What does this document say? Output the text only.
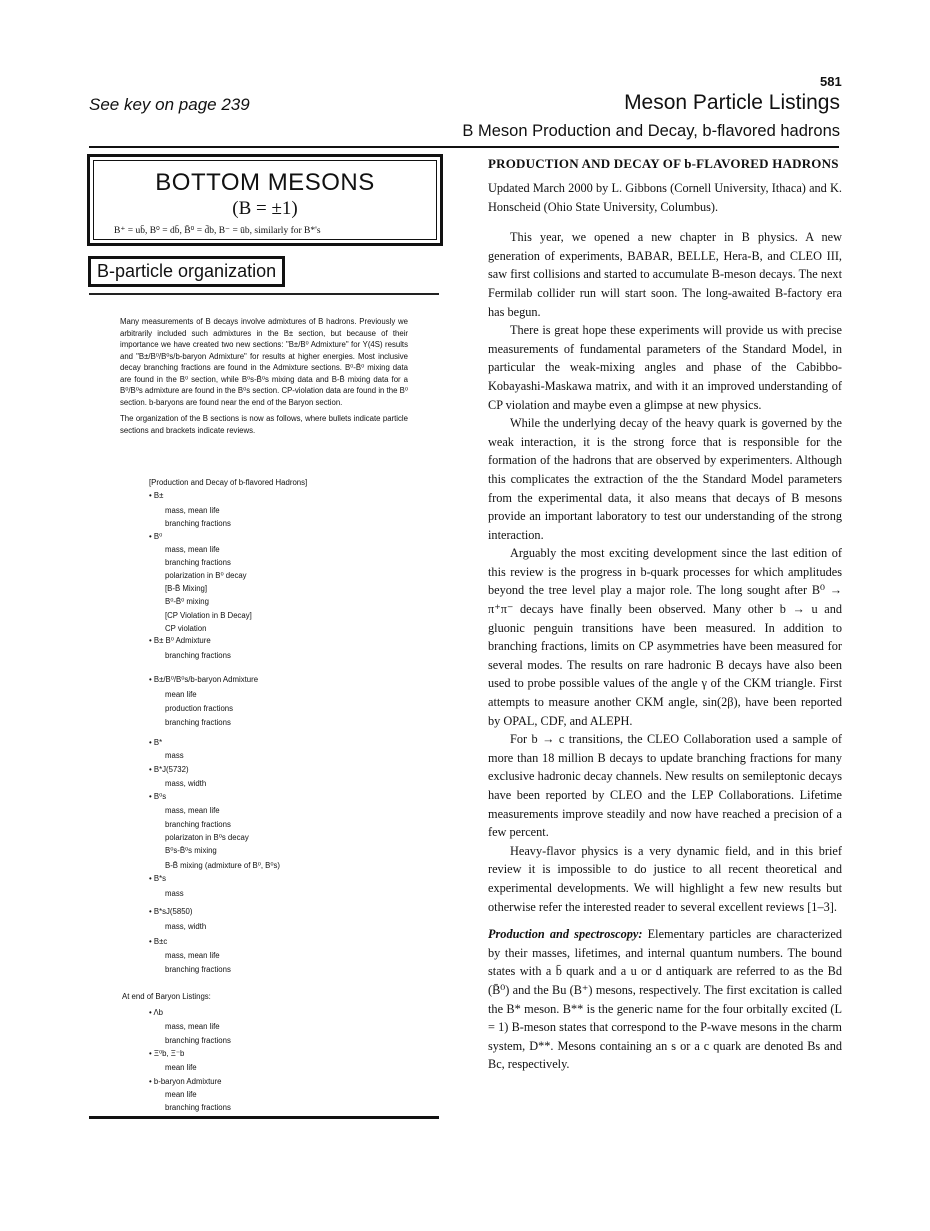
581
See key on page 239	Meson Particle Listings
B Meson Production and Decay, b-flavored hadrons
BOTTOM MESONS
(B = ±1)
B⁺ = ub̄, B⁰ = db̄, B̄⁰ = d̄b, B⁻ = ūb, similarly for B*'s
B-particle organization

Many measurements of B decays involve admixtures of B hadrons. Previously we arbitrarily included such admixtures in the B± section, but because of their importance we have created two new sections: "B±/B⁰ Admixture" for Υ(4S) results and "B±/B⁰/B⁰s/b-baryon Admixture" for results at higher energies. Most inclusive decay branching fractions are found in the Admixture sections. B⁰-B̄⁰ mixing data are found in the B⁰ section, while B⁰s-B̄⁰s mixing data and B-B̄ mixing data for a B⁰/B⁰s admixture are found in the B⁰s section. CP-violation data are found in the B⁰ section. b-baryons are found near the end of the Baryon section.

The organization of the B sections is now as follows, where bullets indicate particle sections and brackets indicate reviews.

[Production and Decay of b-flavored Hadrons]
• B±
mass, mean life
branching fractions
• B⁰
mass, mean life
branching fractions
polarization in B⁰ decay
[B-B̄ Mixing]
B⁰-B̄⁰ mixing
[CP Violation in B Decay]
CP violation
• B± B⁰ Admixture
branching fractions
• B±/B⁰/B⁰s/b-baryon Admixture
mean life
production fractions
branching fractions
• B*
mass
• B*J(5732)
mass, width
• B⁰s
mass, mean life
branching fractions
polarizaton in B⁰s decay
B⁰s-B̄⁰s mixing
B-B̄ mixing (admixture of B⁰, B⁰s)
• B*s
mass
• B*sJ(5850)
mass, width
• B±c
mass, mean life
branching fractions
At end of Baryon Listings:
• Λb
mass, mean life
branching fractions
• Ξ⁰b, Ξ⁻b
mean life
• b-baryon Admixture
mean life
branching fractions
PRODUCTION AND DECAY OF b-FLAVORED HADRONS

Updated March 2000 by L. Gibbons (Cornell University, Ithaca) and K. Honscheid (Ohio State University, Columbus).

This year, we opened a new chapter in B physics. A new generation of experiments, BABAR, BELLE, Hera-B, and CLEO III, saw first collisions and started to accumulate B-meson decays. The next Fermilab collider run will start soon. The long-awaited B-factory era has begun.

There is great hope these experiments will provide us with precise measurements of fundamental parameters of the Standard Model, in particular the weak-mixing angles and phase of the Cabibbo-Kobayashi-Maskawa matrix, and with it an improved understanding of CP violation and maybe even a glimpse at new physics.

While the underlying decay of the heavy quark is governed by the weak interaction, it is the strong force that is responsible for the formation of the hadrons that are observed by experimenters. Although this complicates the extraction of the the Standard Model parameters from the experimental data, it also means that decays of B mesons provide an important laboratory to test our understanding of the strong interaction.

Arguably the most exciting development since the last edition of this review is the progress in b-quark processes for which amplitudes beyond the tree level play a major role. The long sought after B⁰ → π⁺π⁻ decays have finally been observed. Many other b → u and gluonic penguin transitions have been measured. In addition to branching fractions, limits on CP asymmetries have been measured for several modes. The results on rare hadronic B decays have also been used to probe possible values of the angle γ of the CKM triangle. First attempts to measure another CKM angle, sin(2β), have been reported by OPAL, CDF, and ALEPH.

For b → c transitions, the CLEO Collaboration used a sample of more than 18 million B decays to update branching fractions for many exclusive hadronic decay channels. New results on semileptonic decays have been reported by CLEO and the LEP Collaborations. Lifetime measurements improve steadily and now have reached a precision of a few percent.

Heavy-flavor physics is a very dynamic field, and in this brief review it is impossible to do justice to all recent theoretical and experimental developments. We will highlight a few new results but otherwise refer the interested reader to several excellent reviews [1–3].

Production and spectroscopy: Elementary particles are characterized by their masses, lifetimes, and internal quantum numbers. The bound states with a b̄ quark and a u or d antiquark are referred to as the Bd (B̄⁰) and the Bu (B⁺) mesons, respectively. The first excitation is called the B* meson. B** is the generic name for the four orbitally excited (L = 1) B-meson states that correspond to the P-wave mesons in the charm system, D**. Mesons containing an s or a c quark are denoted Bs and Bc, respectively.
